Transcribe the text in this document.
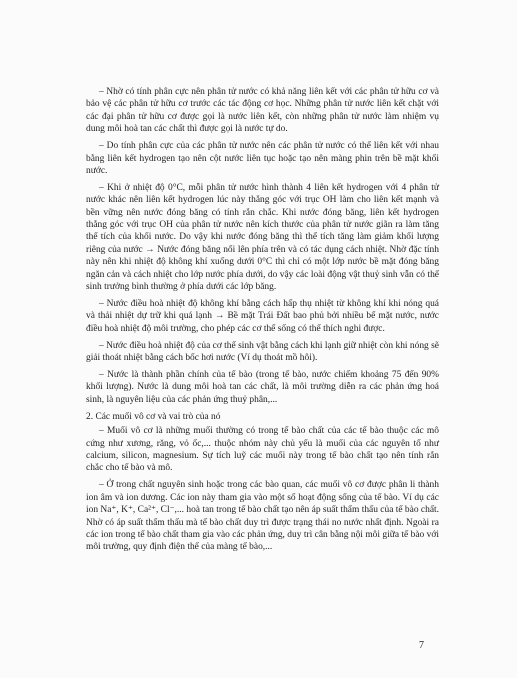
– Nhờ có tính phân cực nên phân tử nước có khả năng liên kết với các phân tử hữu cơ và bảo vệ các phân tử hữu cơ trước các tác động cơ học. Những phân tử nước liên kết chặt với các đại phân tử hữu cơ được gọi là nước liên kết, còn những phân tử nước làm nhiệm vụ dung môi hoà tan các chất thì được gọi là nước tự do.

– Do tính phân cực của các phân tử nước nên các phân tử nước có thể liên kết với nhau bằng liên kết hydrogen tạo nên cột nước liên tục hoặc tạo nên màng phin trên bề mặt khối nước.

– Khi ở nhiệt độ 0°C, mỗi phân tử nước hình thành 4 liên kết hydrogen với 4 phân tử nước khác nên liên kết hydrogen lúc này thẳng góc với trục OH làm cho liên kết mạnh và bền vững nên nước đóng băng có tính rắn chắc. Khi nước đóng băng, liên kết hydrogen thẳng góc với trục OH của phân tử nước nên kích thước của phân tử nước giãn ra làm tăng thể tích của khối nước. Do vậy khi nước đóng băng thì thể tích tăng làm giảm khối lượng riêng của nước → Nước đóng băng nổi lên phía trên và có tác dụng cách nhiệt. Nhờ đặc tính này nên khi nhiệt độ không khí xuống dưới 0°C thì chỉ có một lớp nước bề mặt đóng băng ngăn cản và cách nhiệt cho lớp nước phía dưới, do vậy các loài động vật thuỷ sinh vẫn có thể sinh trưởng bình thường ở phía dưới các lớp băng.

– Nước điều hoà nhiệt độ không khí bằng cách hấp thụ nhiệt từ không khí khi nóng quá và thải nhiệt dự trữ khi quá lạnh → Bề mặt Trái Đất bao phủ bởi nhiều bể mặt nước, nước điều hoà nhiệt độ môi trường, cho phép các cơ thể sống có thể thích nghi được.

– Nước điều hoà nhiệt độ của cơ thể sinh vật bằng cách khi lạnh giữ nhiệt còn khi nóng sẽ giải thoát nhiệt bằng cách bốc hơi nước (Ví dụ thoát mồ hôi).

– Nước là thành phần chính của tế bào (trong tế bào, nước chiếm khoảng 75 đến 90% khối lượng). Nước là dung môi hoà tan các chất, là môi trường diễn ra các phản ứng hoá sinh, là nguyên liệu của các phản ứng thuỷ phân,...

2. Các muối vô cơ và vai trò của nó

– Muối vô cơ là những muối thường có trong tế bào chất của các tế bào thuộc các mô cứng như xương, răng, vỏ ốc,... thuộc nhóm này chủ yếu là muối của các nguyên tố như calcium, silicon, magnesium. Sự tích luỹ các muối này trong tế bào chất tạo nên tính rắn chắc cho tế bào và mô.

– Ở trong chất nguyên sinh hoặc trong các bào quan, các muối vô cơ được phân li thành ion âm và ion dương. Các ion này tham gia vào một số hoạt động sống của tế bào. Ví dụ các ion Na⁺, K⁺, Ca²⁺, Cl⁻,... hoà tan trong tế bào chất tạo nên áp suất thẩm thấu của tế bào chất. Nhờ có áp suất thẩm thấu mà tế bào chất duy trì được trạng thái no nước nhất định. Ngoài ra các ion trong tế bào chất tham gia vào các phản ứng, duy trì cân bằng nội môi giữa tế bào với môi trường, quy định điện thế của màng tế bào,...

7
